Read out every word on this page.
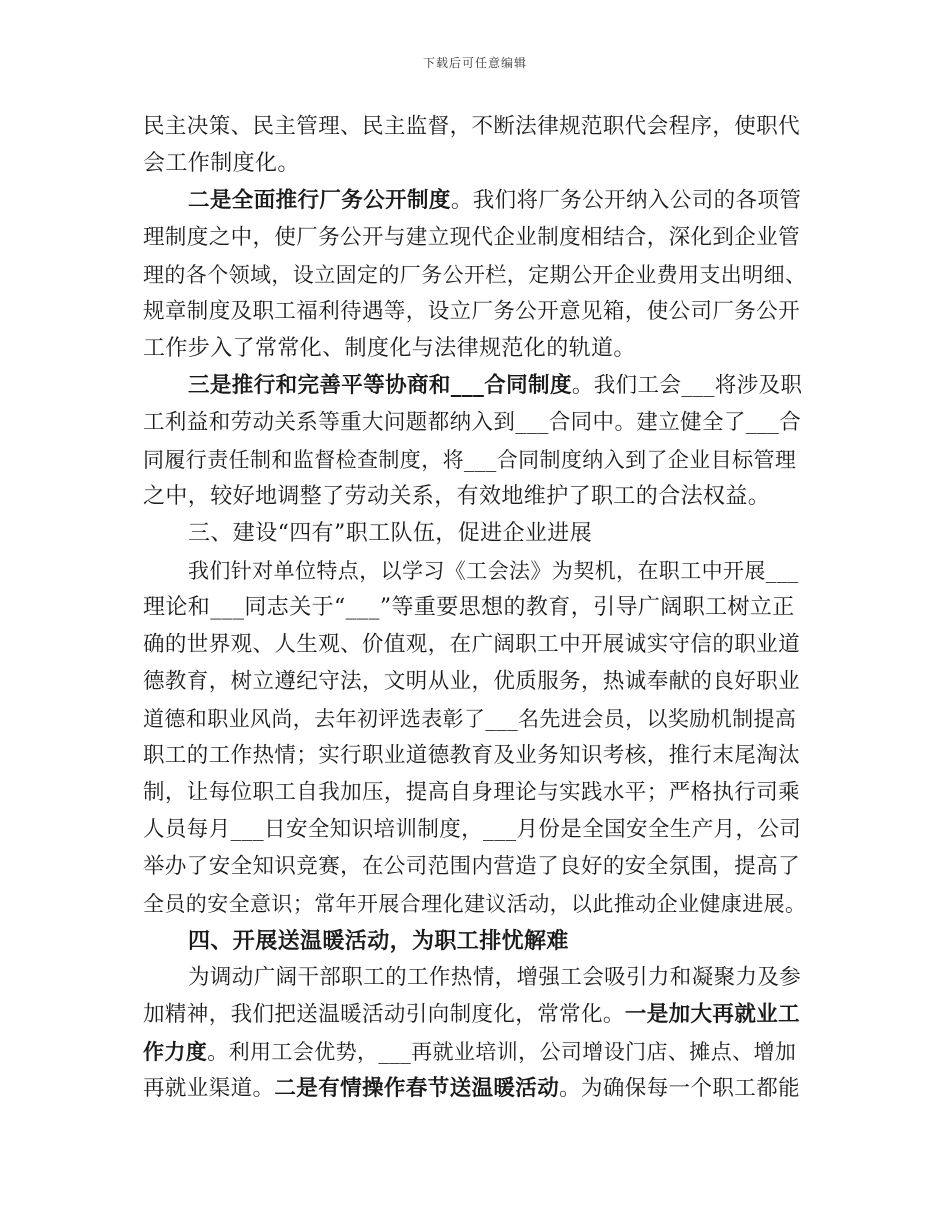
下载后可任意编辑
民主决策、民主管理、民主监督，不断法律规范职代会程序，使职代
会工作制度化。
二是全面推行厂务公开制度。我们将厂务公开纳入公司的各项管
理制度之中，使厂务公开与建立现代企业制度相结合，深化到企业管
理的各个领域，设立固定的厂务公开栏，定期公开企业费用支出明细、
规章制度及职工福利待遇等，设立厂务公开意见箱，使公司厂务公开
工作步入了常常化、制度化与法律规范化的轨道。
三是推行和完善平等协商和___合同制度。我们工会___将涉及职
工利益和劳动关系等重大问题都纳入到___合同中。建立健全了___合
同履行责任制和监督检查制度，将___合同制度纳入到了企业目标管理
之中，较好地调整了劳动关系，有效地维护了职工的合法权益。
三、建设“四有”职工队伍，促进企业进展
我们针对单位特点，以学习《工会法》为契机，在职工中开展___
理论和___同志关于“___”等重要思想的教育，引导广阔职工树立正
确的世界观、人生观、价值观，在广阔职工中开展诚实守信的职业道
德教育，树立遵纪守法，文明从业，优质服务，热诚奉献的良好职业
道德和职业风尚，去年初评选表彰了___名先进会员，以奖励机制提高
职工的工作热情；实行职业道德教育及业务知识考核，推行末尾淘汰
制，让每位职工自我加压，提高自身理论与实践水平；严格执行司乘
人员每月___日安全知识培训制度，___月份是全国安全生产月，公司
举办了安全知识竞赛，在公司范围内营造了良好的安全氛围，提高了
全员的安全意识；常年开展合理化建议活动，以此推动企业健康进展。
四、开展送温暖活动，为职工排忧解难
为调动广阔干部职工的工作热情，增强工会吸引力和凝聚力及参
加精神，我们把送温暖活动引向制度化，常常化。一是加大再就业工
作力度。利用工会优势，___再就业培训，公司增设门店、摊点、增加
再就业渠道。二是有情操作春节送温暖活动。为确保每一个职工都能
